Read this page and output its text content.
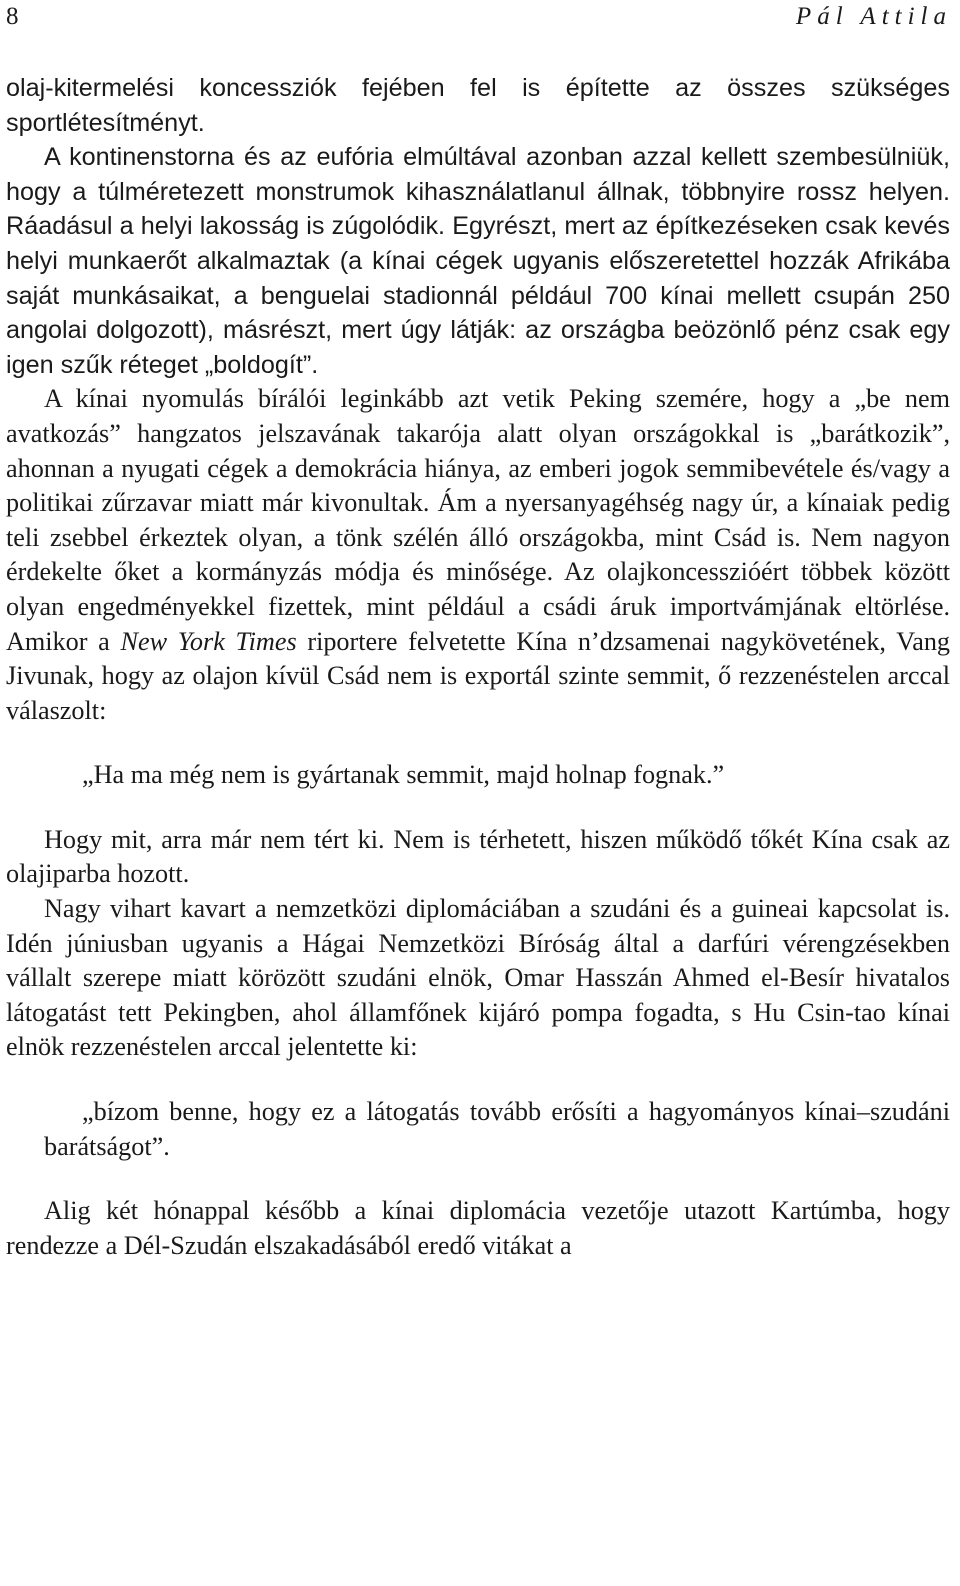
8	Pál Attila

olaj-kitermelési koncessziók fejében fel is építette az összes szükséges sportlétesítményt.

A kontinenstorna és az eufória elmúltával azonban azzal kellett szembesülniük, hogy a túlméretezett monstrumok kihasználatlanul állnak, többnyire rossz helyen. Ráadásul a helyi lakosság is zúgolódik. Egyrészt, mert az építkezéseken csak kevés helyi munkaerőt alkalmaztak (a kínai cégek ugyanis előszeretettel hozzák Afrikába saját munkásaikat, a benguelai stadionnál például 700 kínai mellett csupán 250 angolai dolgozott), másrészt, mert úgy látják: az országba beözönlő pénz csak egy igen szűk réteget „boldogít”.

A kínai nyomulás bírálói leginkább azt vetik Peking szemére, hogy a „be nem avatkozás” hangzatos jelszavának takarója alatt olyan országokkal is „barátkozik”, ahonnan a nyugati cégek a demokrácia hiánya, az emberi jogok semmibevétele és/vagy a politikai zűrzavar miatt már kivonultak. Ám a nyersanyagéhség nagy úr, a kínaiak pedig teli zsebbel érkeztek olyan, a tönk szélén álló országokba, mint Csád is. Nem nagyon érdekelte őket a kormányzás módja és minősége. Az olajkoncesszióért többek között olyan engedményekkel fizettek, mint például a csádi áruk importvámjának eltörlése. Amikor a New York Times riportere felvetette Kína n’dzsamenai nagykövetének, Vang Jivunak, hogy az olajon kívül Csád nem is exportál szinte semmit, ő rezzenéstelen arccal válaszolt:

„Ha ma még nem is gyártanak semmit, majd holnap fognak.”

Hogy mit, arra már nem tért ki. Nem is térhetett, hiszen működő tőkét Kína csak az olajiparba hozott.

Nagy vihart kavart a nemzetközi diplomáciában a szudáni és a guineai kapcsolat is. Idén júniusban ugyanis a Hágai Nemzetközi Bíróság által a darfúri vérengzésekben vállalt szerepe miatt körözött szudáni elnök, Omar Hasszán Ahmed el-Besír hivatalos látogatást tett Pekingben, ahol államfőnek kijáró pompa fogadta, s Hu Csin-tao kínai elnök rezzenéstelen arccal jelentette ki:

„bízom benne, hogy ez a látogatás tovább erősíti a hagyományos kínai–szudáni barátságot”.

Alig két hónappal később a kínai diplomácia vezetője utazott Kartúmba, hogy rendezze a Dél-Szudán elszakadásából eredő vitákat a
